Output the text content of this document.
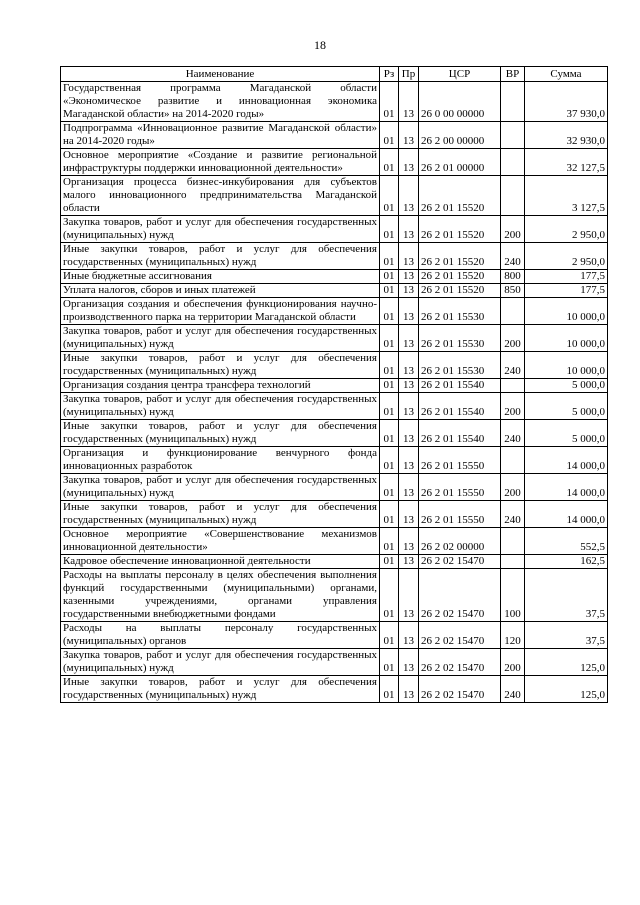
18
Наименование	Рз	Пр	ЦСР	ВР	Сумма
Государственная программа Магаданской области «Экономическое развитие и инновационная экономика Магаданской области» на 2014-2020 годы»	01	13	26 0 00 00000		37 930,0
Подпрограмма «Инновационное развитие Магаданской области» на 2014-2020 годы»	01	13	26 2 00 00000		32 930,0
Основное мероприятие «Создание и развитие региональной инфраструктуры поддержки инновационной деятельности»	01	13	26 2 01 00000		32 127,5
Организация процесса бизнес-инкубирования для субъектов малого инновационного предпринимательства Магаданской области	01	13	26 2 01 15520		3 127,5
Закупка товаров, работ и услуг для обеспечения государственных (муниципальных) нужд	01	13	26 2 01 15520	200	2 950,0
Иные закупки товаров, работ и услуг для обеспечения государственных (муниципальных) нужд	01	13	26 2 01 15520	240	2 950,0
Иные бюджетные ассигнования	01	13	26 2 01 15520	800	177,5
Уплата налогов, сборов и иных платежей	01	13	26 2 01 15520	850	177,5
Организация создания и обеспечения функционирования научно-производственного парка на территории Магаданской области	01	13	26 2 01 15530		10 000,0
Закупка товаров, работ и услуг для обеспечения государственных (муниципальных) нужд	01	13	26 2 01 15530	200	10 000,0
Иные закупки товаров, работ и услуг для обеспечения государственных (муниципальных) нужд	01	13	26 2 01 15530	240	10 000,0
Организация создания центра трансфера технологий	01	13	26 2 01 15540		5 000,0
Закупка товаров, работ и услуг для обеспечения государственных (муниципальных) нужд	01	13	26 2 01 15540	200	5 000,0
Иные закупки товаров, работ и услуг для обеспечения государственных (муниципальных) нужд	01	13	26 2 01 15540	240	5 000,0
Организация и функционирование венчурного фонда инновационных разработок	01	13	26 2 01 15550		14 000,0
Закупка товаров, работ и услуг для обеспечения государственных (муниципальных) нужд	01	13	26 2 01 15550	200	14 000,0
Иные закупки товаров, работ и услуг для обеспечения государственных (муниципальных) нужд	01	13	26 2 01 15550	240	14 000,0
Основное мероприятие «Совершенствование механизмов инновационной деятельности»	01	13	26 2 02 00000		552,5
Кадровое обеспечение инновационной деятельности	01	13	26 2 02 15470		162,5
Расходы на выплаты персоналу в целях обеспечения выполнения функций государственными (муниципальными) органами, казенными учреждениями, органами управления государственными внебюджетными фондами	01	13	26 2 02 15470	100	37,5
Расходы на выплаты персоналу государственных (муниципальных) органов	01	13	26 2 02 15470	120	37,5
Закупка товаров, работ и услуг для обеспечения государственных (муниципальных) нужд	01	13	26 2 02 15470	200	125,0
Иные закупки товаров, работ и услуг для обеспечения государственных (муниципальных) нужд	01	13	26 2 02 15470	240	125,0
